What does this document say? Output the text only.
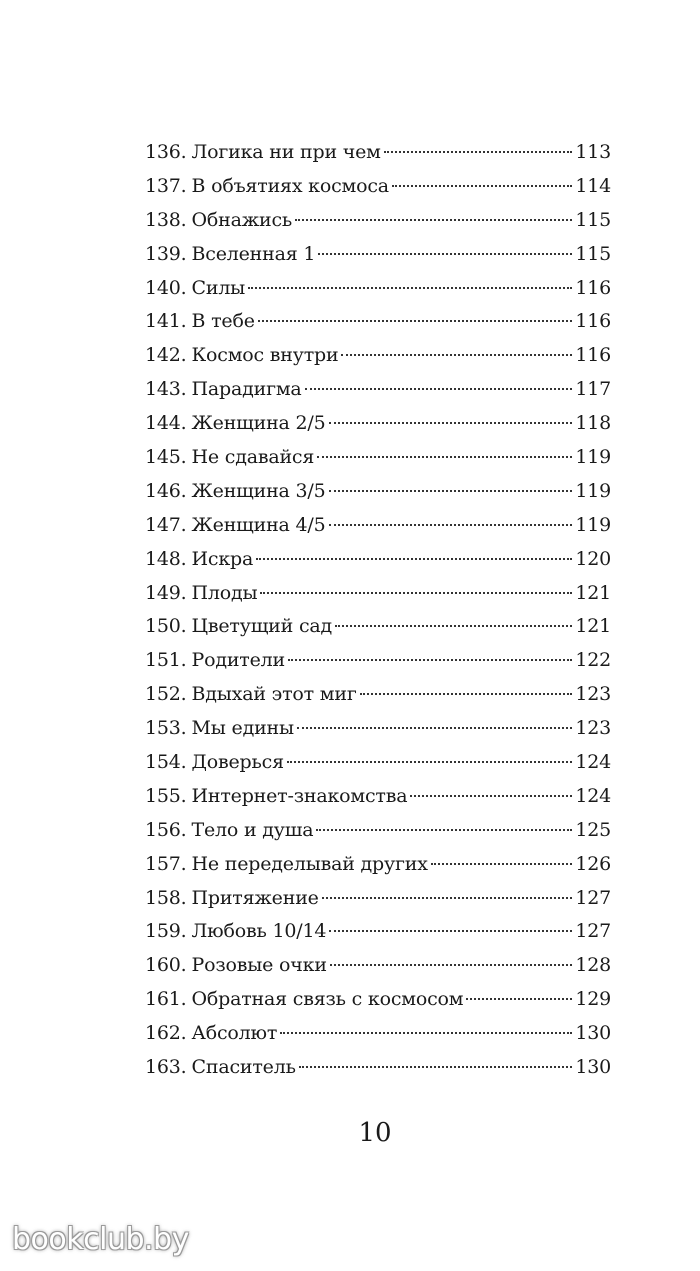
136. Логика ни при чем	113
137. В объятиях космоса	114
138. Обнажись	115
139. Вселенная 1	115
140. Силы	116
141. В тебе	116
142. Космос внутри	116
143. Парадигма	117
144. Женщина 2/5	118
145. Не сдавайся	119
146. Женщина 3/5	119
147. Женщина 4/5	119
148. Искра	120
149. Плоды	121
150. Цветущий сад	121
151. Родители	122
152. Вдыхай этот миг	123
153. Мы едины	123
154. Доверься	124
155. Интернет-знакомства	124
156. Тело и душа	125
157. Не переделывай других	126
158. Притяжение	127
159. Любовь 10/14	127
160. Розовые очки	128
161. Обратная связь с космосом	129
162. Абсолют	130
163. Спаситель	130
10
bookclub.by
